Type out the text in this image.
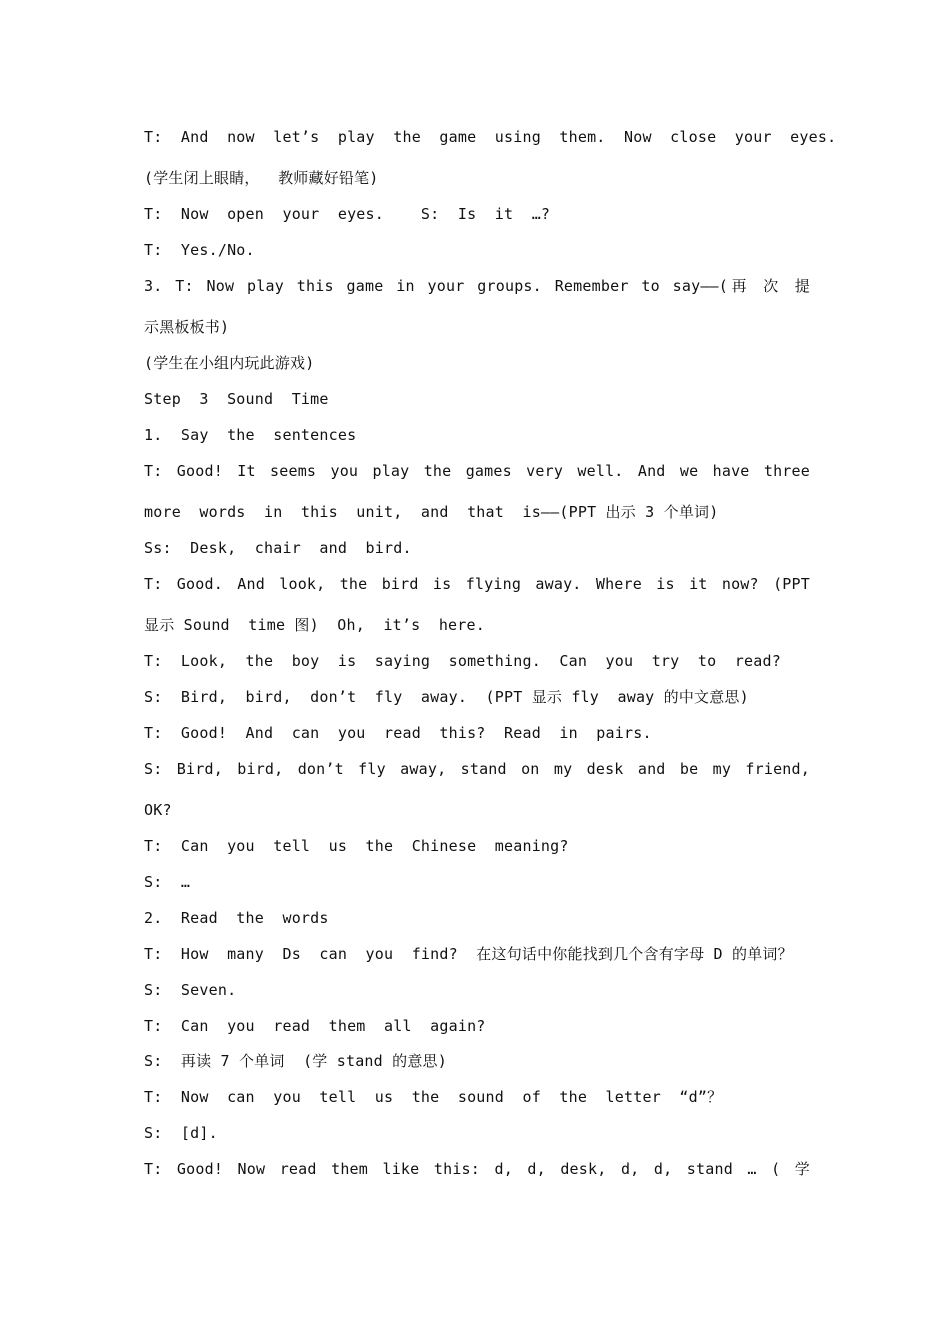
T:  And  now  let’s  play  the  game  using  them.  Now  close  your  eyes.
(学生闭上眼睛，  教师藏好铅笔)
T:  Now  open  your  eyes.    S:  Is  it  …?
T:  Yes./No.
3. T: Now play this game in your groups. Remember to say——(再 次 提
示黑板板书)
(学生在小组内玩此游戏)
Step  3  Sound  Time
1.  Say  the  sentences
T: Good! It seems you play the games very well. And we have three
more  words  in  this  unit,  and  that  is——(PPT 出示 3 个单词)
Ss:  Desk,  chair  and  bird.
T: Good. And look, the bird is flying away. Where is it now? (PPT
显示 Sound  time 图)  Oh,  it’s  here.
T:  Look,  the  boy  is  saying  something.  Can  you  try  to  read?
S:  Bird,  bird,  don’t  fly  away.  (PPT 显示 fly  away 的中文意思)
T:  Good!  And  can  you  read  this?  Read  in  pairs.
S: Bird, bird, don’t fly away, stand on my desk and be my friend,
OK?
T:  Can  you  tell  us  the  Chinese  meaning?
S:  …
2.  Read  the  words
T:  How  many  Ds  can  you  find?  在这句话中你能找到几个含有字母 D 的单词？
S:  Seven.
T:  Can  you  read  them  all  again?
S:  再读 7 个单词  (学 stand 的意思)
T:  Now  can  you  tell  us  the  sound  of  the  letter  “d”？
S:  [d].
T: Good! Now read them like this: d, d, desk, d, d, stand … ( 学
